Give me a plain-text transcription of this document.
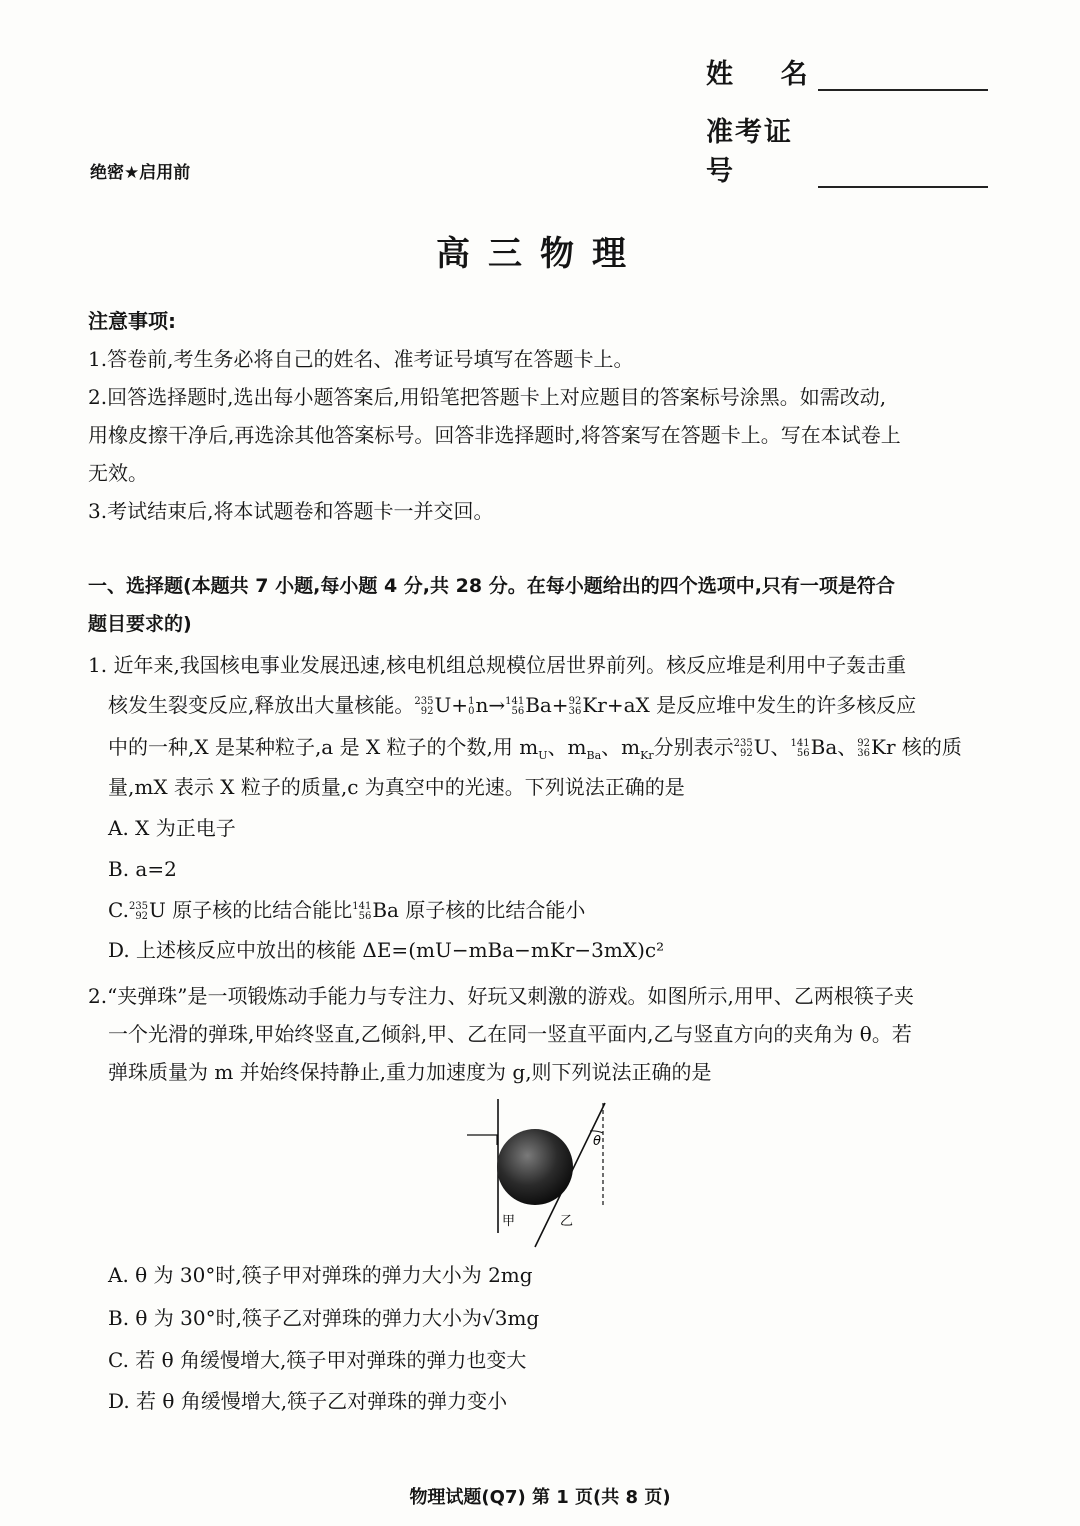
姓    名
准考证号
绝密★启用前
高三物理
注意事项:
1.答卷前,考生务必将自己的姓名、准考证号填写在答题卡上。
2.回答选择题时,选出每小题答案后,用铅笔把答题卡上对应题目的答案标号涂黑。如需改动,
用橡皮擦干净后,再选涂其他答案标号。回答非选择题时,将答案写在答题卡上。写在本试卷上
无效。
3.考试结束后,将本试题卷和答题卡一并交回。
一、选择题(本题共 7 小题,每小题 4 分,共 28 分。在每小题给出的四个选项中,只有一项是符合
题目要求的)
1. 近年来,我国核电事业发展迅速,核电机组总规模位居世界前列。核反应堆是利用中子轰击重
核发生裂变反应,释放出大量核能。 235
92 U+ 1
0 n→ 141
56 Ba+ 92
36 Kr+aX 是反应堆中发生的许多核反应
中的一种,X 是某种粒子,a 是 X 粒子的个数,用 $m_U$、$m_{Ba}$、$m_{Kr}$分别表示 235
92 U、 141
56 Ba、 92
36 Kr 核的质
量,mX 表示 X 粒子的质量,c 为真空中的光速。下列说法正确的是
A. X 为正电子
B. a=2
C. 235
92 U 原子核的比结合能比 141
56 Ba 原子核的比结合能小
D. 上述核反应中放出的核能 ΔE=(mU−mBa−mKr−3mX)c²
2.“夹弹珠”是一项锻炼动手能力与专注力、好玩又刺激的游戏。如图所示,用甲、乙两根筷子夹
一个光滑的弹珠,甲始终竖直,乙倾斜,甲、乙在同一竖直平面内,乙与竖直方向的夹角为 θ。若
弹珠质量为 m 并始终保持静止,重力加速度为 g,则下列说法正确的是
θ
甲	乙
A. θ 为 30°时,筷子甲对弹珠的弹力大小为 2mg
B. θ 为 30°时,筷子乙对弹珠的弹力大小为√3mg
C. 若 θ 角缓慢增大,筷子甲对弹珠的弹力也变大
D. 若 θ 角缓慢增大,筷子乙对弹珠的弹力变小
物理试题(Q7) 第 1 页(共 8 页)
